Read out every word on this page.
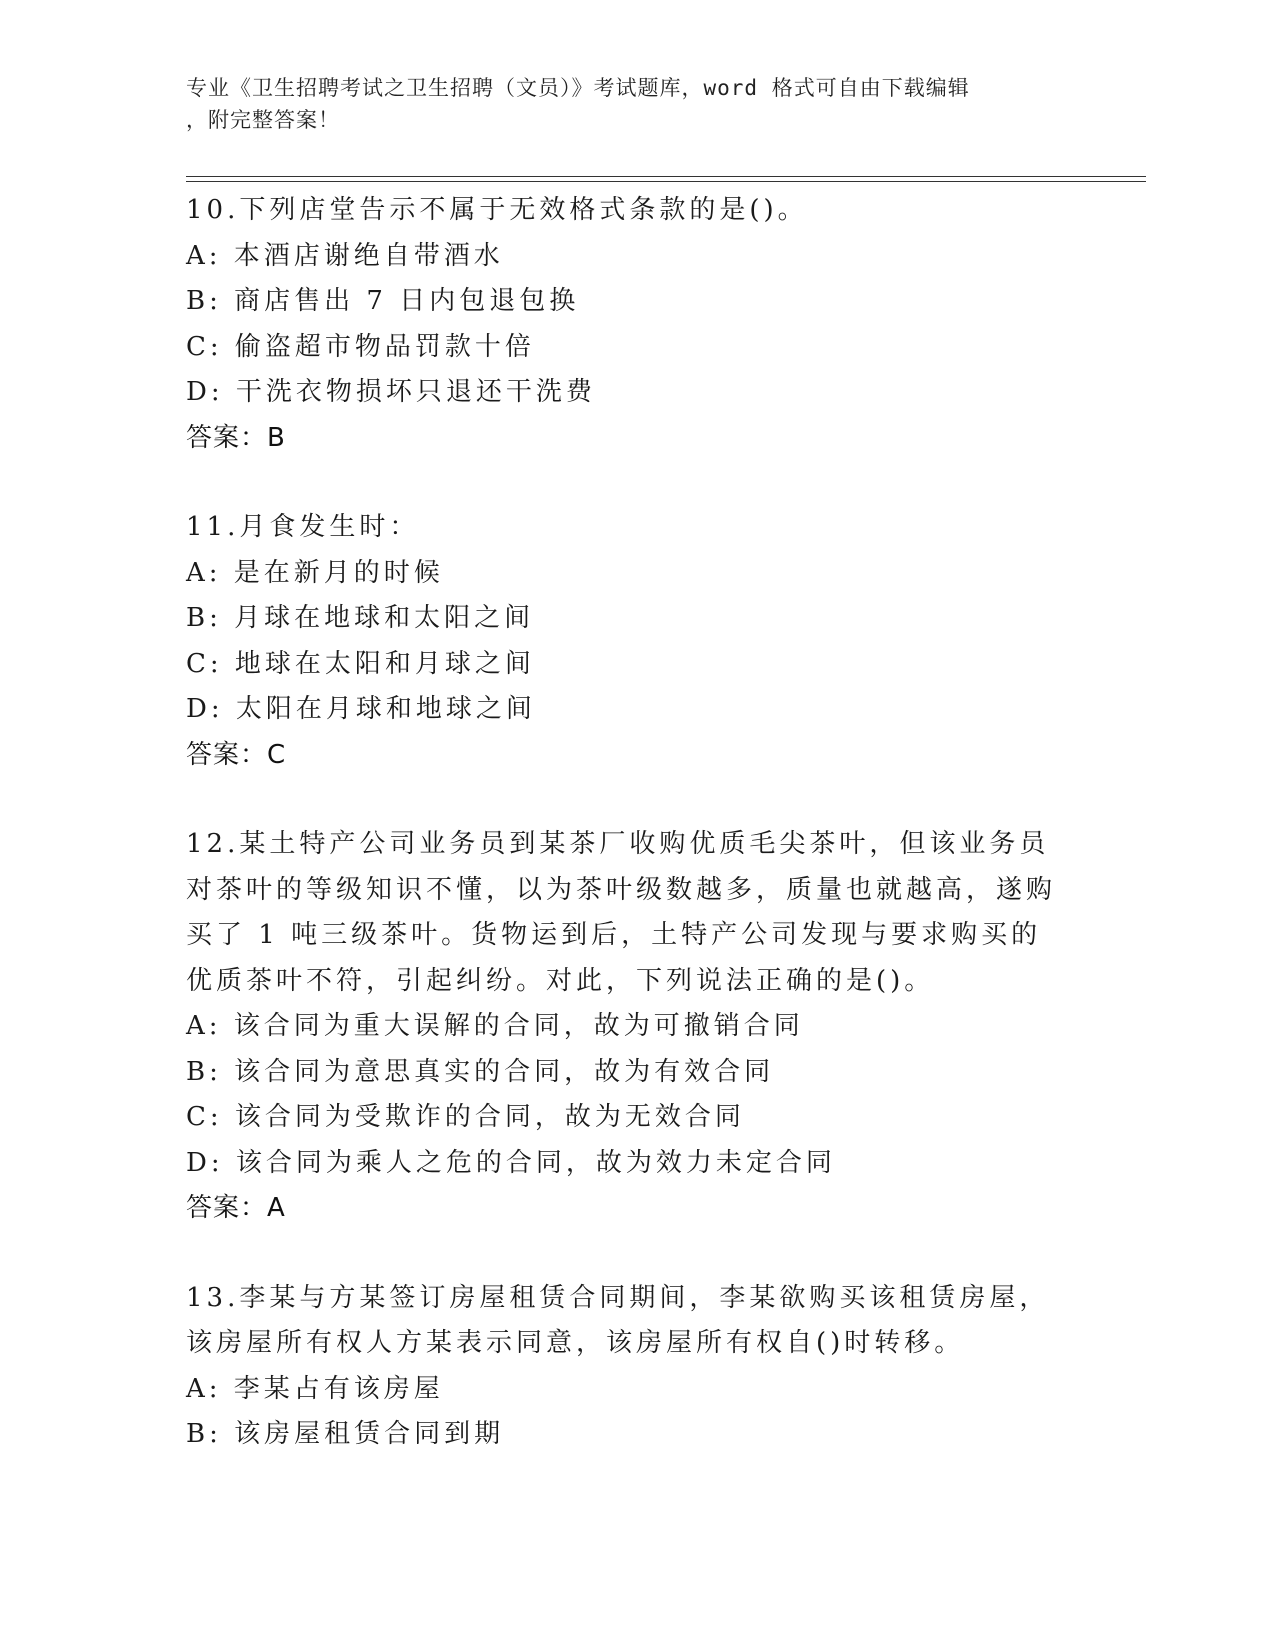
专业《卫生招聘考试之卫生招聘（文员）》考试题库，word 格式可自由下载编辑
，附完整答案！
10.下列店堂告示不属于无效格式条款的是()。
A: 本酒店谢绝自带酒水
B: 商店售出 7 日内包退包换
C: 偷盗超市物品罚款十倍
D: 干洗衣物损坏只退还干洗费
答案：B
11.月食发生时：
A: 是在新月的时候
B: 月球在地球和太阳之间
C: 地球在太阳和月球之间
D: 太阳在月球和地球之间
答案：C
12.某土特产公司业务员到某茶厂收购优质毛尖茶叶，但该业务员对茶叶的等级知识不懂，以为茶叶级数越多，质量也就越高，遂购买了 1 吨三级茶叶。货物运到后，土特产公司发现与要求购买的优质茶叶不符，引起纠纷。对此，下列说法正确的是()。
A: 该合同为重大误解的合同，故为可撤销合同
B: 该合同为意思真实的合同，故为有效合同
C: 该合同为受欺诈的合同，故为无效合同
D: 该合同为乘人之危的合同，故为效力未定合同
答案：A
13.李某与方某签订房屋租赁合同期间，李某欲购买该租赁房屋，该房屋所有权人方某表示同意，该房屋所有权自()时转移。
A: 李某占有该房屋
B: 该房屋租赁合同到期
